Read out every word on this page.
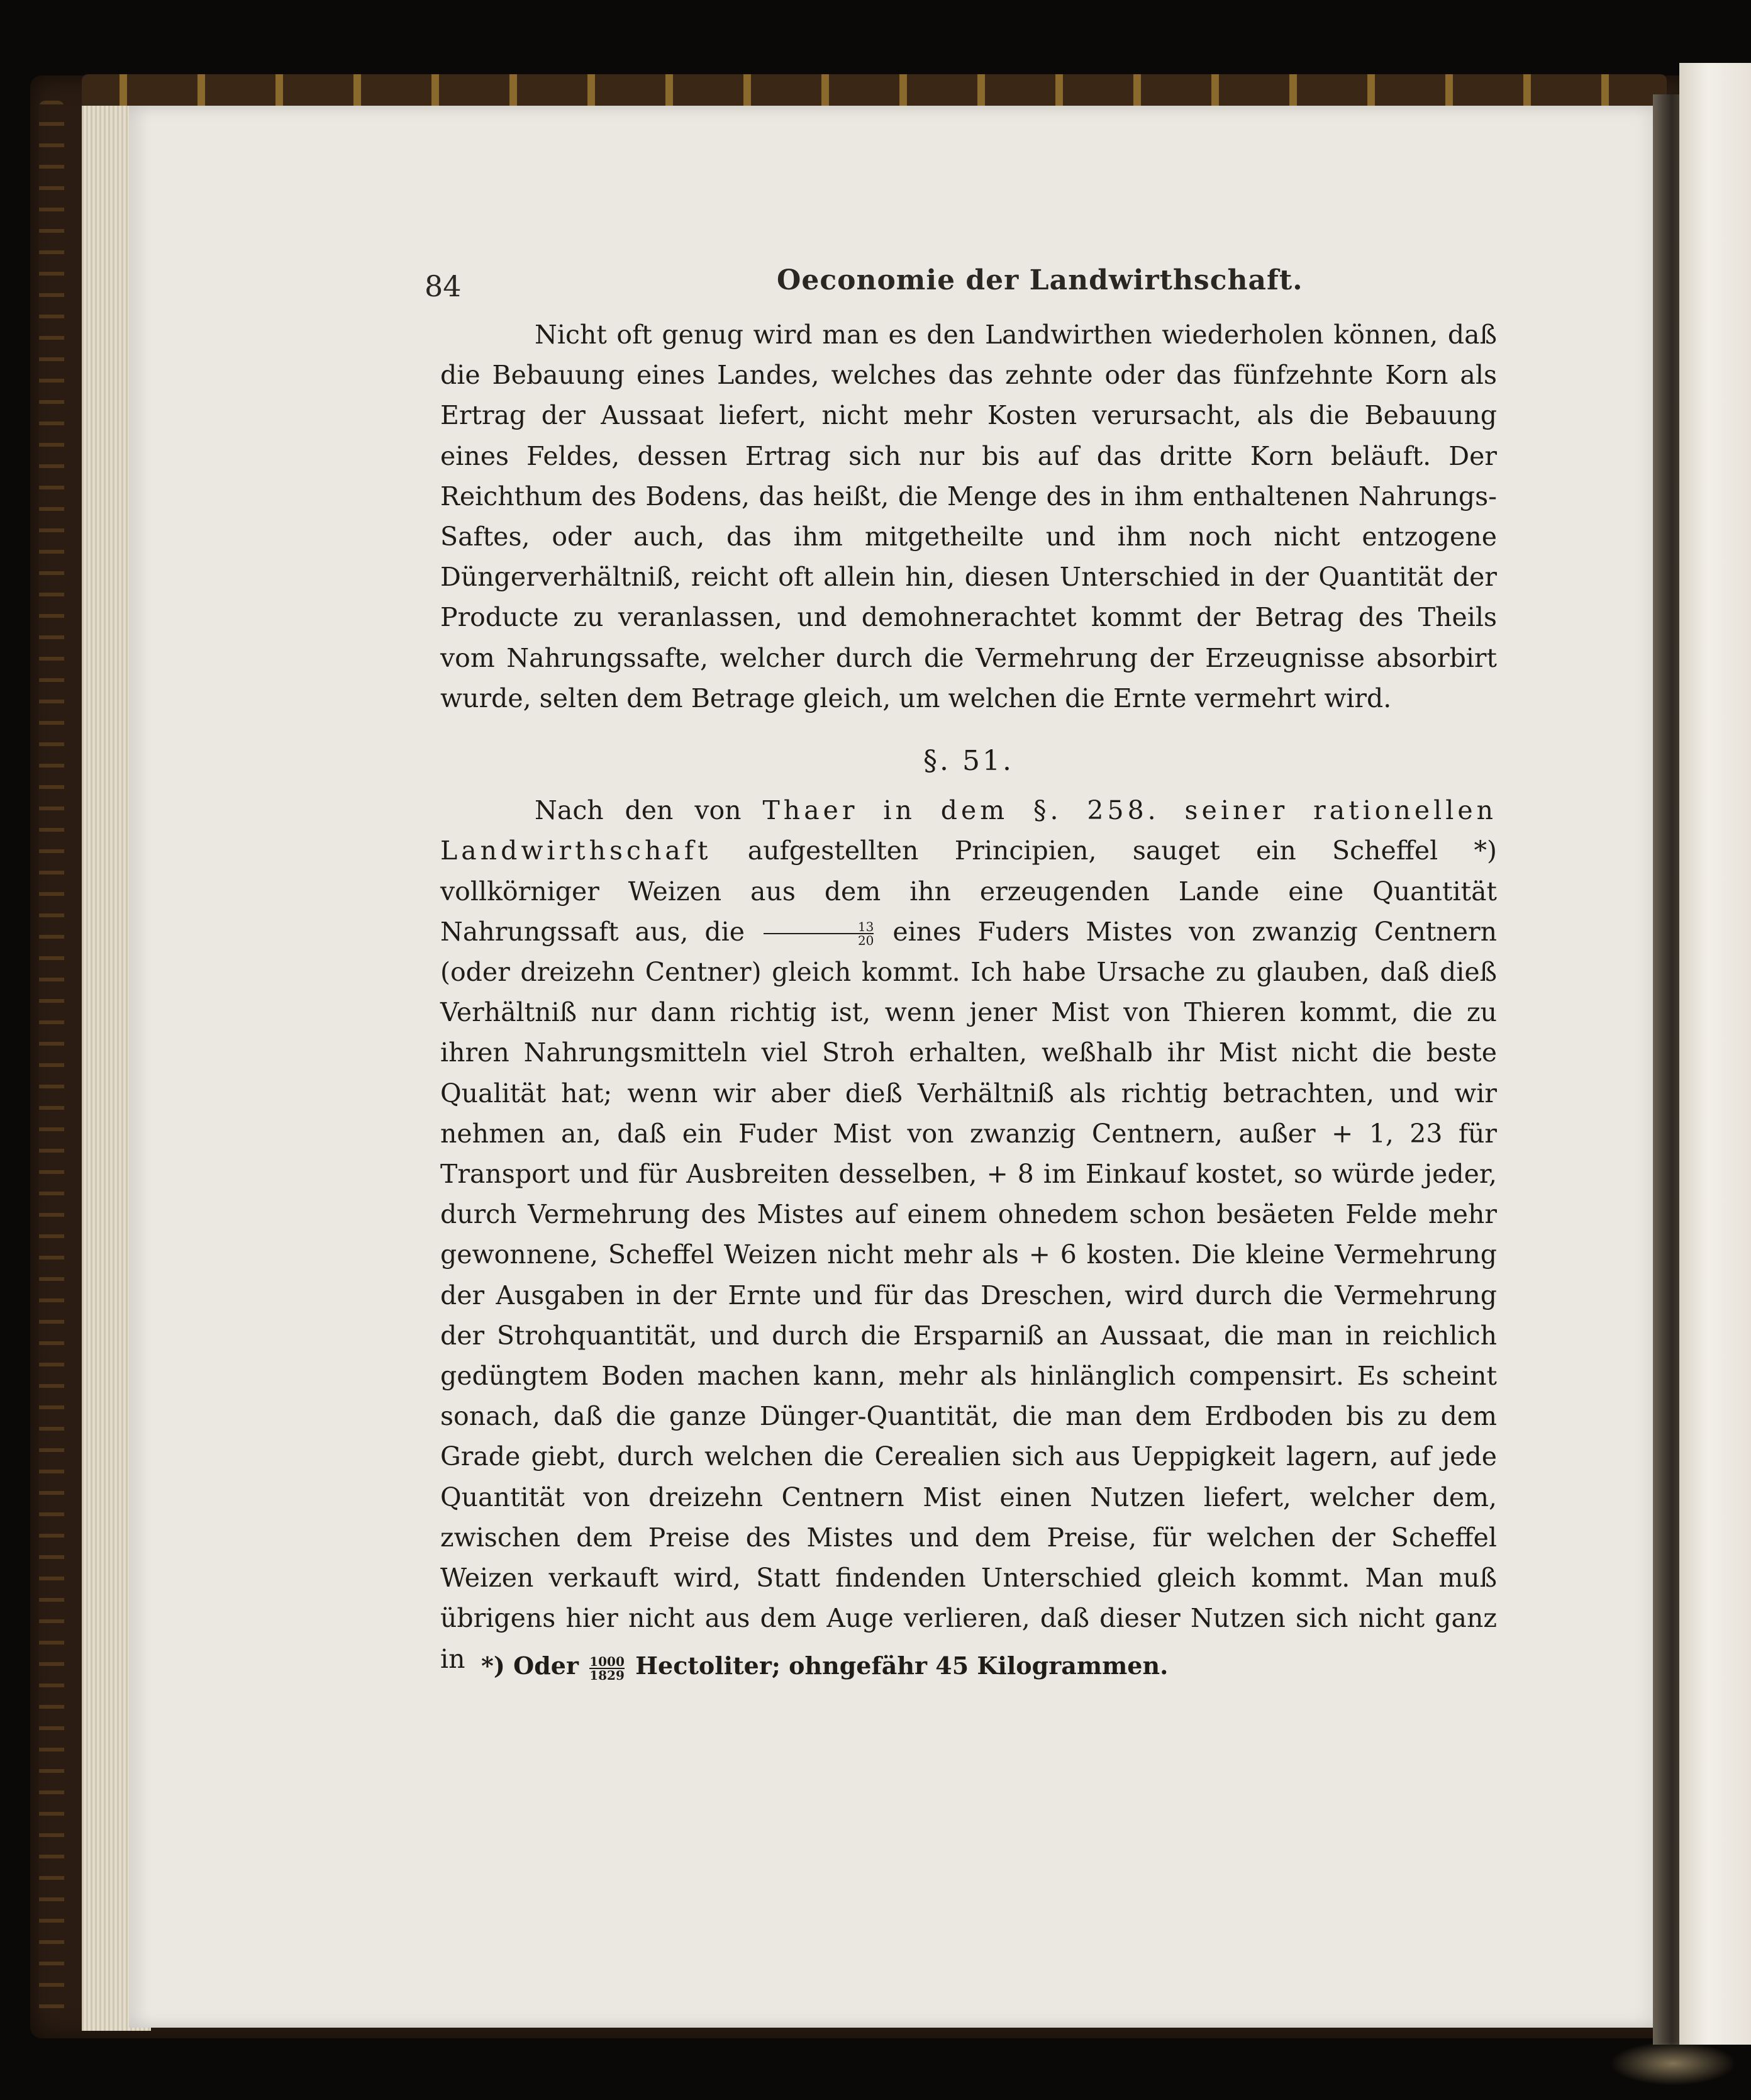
84	Oeconomie der Landwirthschaft.

Nicht oft genug wird man es den Landwirthen wiederholen können, daß die Bebauung eines Landes, welches das zehnte oder das fünfzehnte Korn als Ertrag der Aussaat liefert, nicht mehr Kosten verursacht, als die Bebauung eines Feldes, dessen Ertrag sich nur bis auf das dritte Korn beläuft. Der Reichthum des Bodens, das heißt, die Menge des in ihm enthaltenen Nahrungs-Saftes, oder auch, das ihm mitgetheilte und ihm noch nicht entzogene Düngerverhältniß, reicht oft allein hin, diesen Unterschied in der Quantität der Producte zu veranlassen, und demohnerachtet kommt der Betrag des Theils vom Nahrungssafte, welcher durch die Vermehrung der Erzeugnisse absorbirt wurde, selten dem Betrage gleich, um welchen die Ernte vermehrt wird.

§. 51.

Nach den von Thaer in dem §. 258. seiner rationellen Landwirthschaft aufgestellten Principien, sauget ein Scheffel *) vollkörniger Weizen aus dem ihn erzeugenden Lande eine Quantität Nahrungssaft aus, die $\frac{13}{20}$ eines Fuders Mistes von zwanzig Centnern (oder dreizehn Centner) gleich kommt. Ich habe Ursache zu glauben, daß dieß Verhältniß nur dann richtig ist, wenn jener Mist von Thieren kommt, die zu ihren Nahrungsmitteln viel Stroh erhalten, weßhalb ihr Mist nicht die beste Qualität hat; wenn wir aber dieß Verhältniß als richtig betrachten, und wir nehmen an, daß ein Fuder Mist von zwanzig Centnern, außer + 1, 23 für Transport und für Ausbreiten desselben, + 8 im Einkauf kostet, so würde jeder, durch Vermehrung des Mistes auf einem ohnedem schon besäeten Felde mehr gewonnene, Scheffel Weizen nicht mehr als + 6 kosten. Die kleine Vermehrung der Ausgaben in der Ernte und für das Dreschen, wird durch die Vermehrung der Strohquantität, und durch die Ersparniß an Aussaat, die man in reichlich gedüngtem Boden machen kann, mehr als hinlänglich compensirt. Es scheint sonach, daß die ganze Dünger-Quantität, die man dem Erdboden bis zu dem Grade giebt, durch welchen die Cerealien sich aus Ueppigkeit lagern, auf jede Quantität von dreizehn Centnern Mist einen Nutzen liefert, welcher dem, zwischen dem Preise des Mistes und dem Preise, für welchen der Scheffel Weizen verkauft wird, Statt findenden Unterschied gleich kommt. Man muß übrigens hier nicht aus dem Auge verlieren, daß dieser Nutzen sich nicht ganz in *) Oder $\frac{1000}{1829}$ Hectoliter; ohngefähr 45 Kilogrammen.
